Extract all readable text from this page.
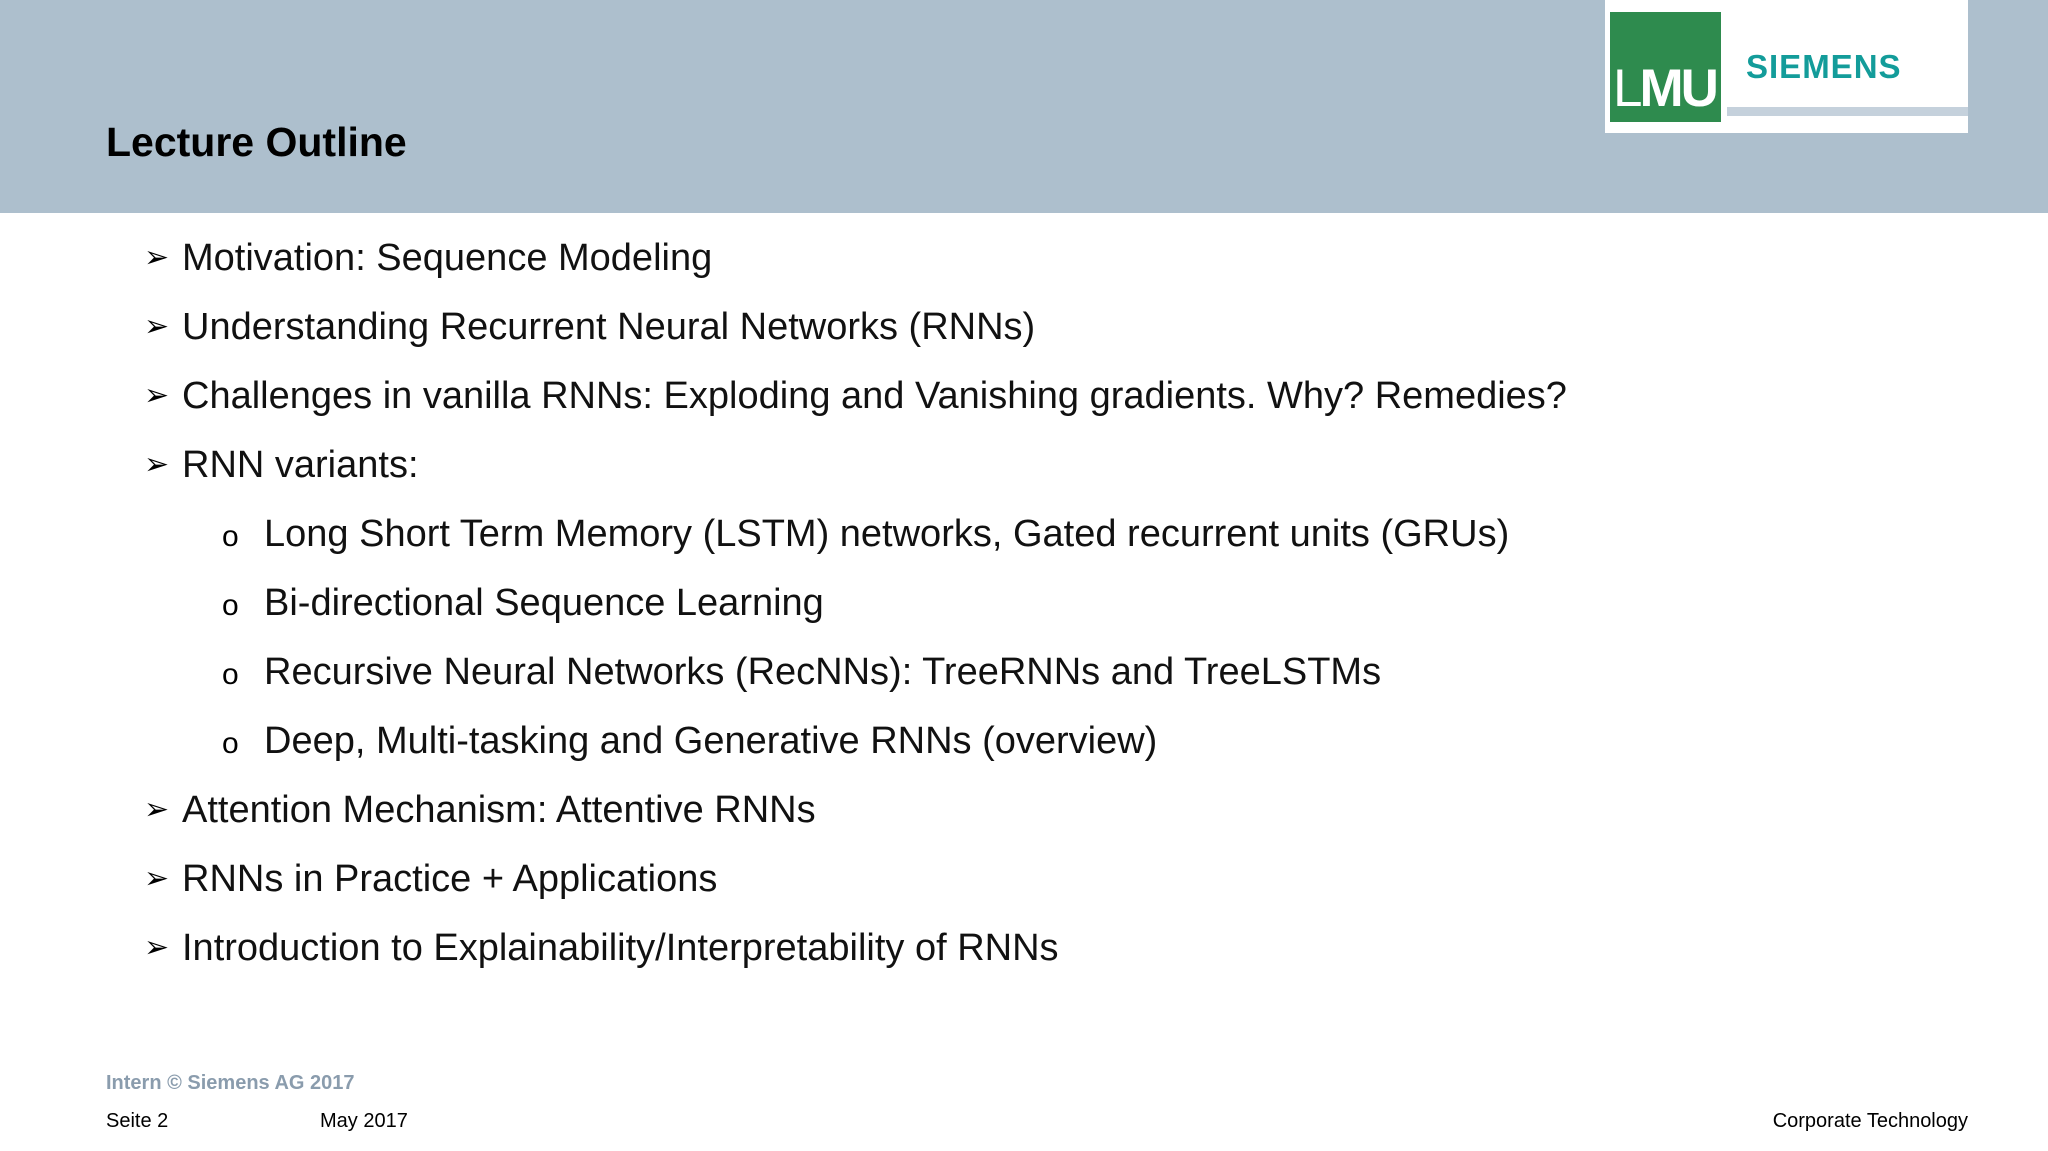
Lecture Outline
LMU SIEMENS
➢ Motivation: Sequence Modeling
➢ Understanding Recurrent Neural Networks (RNNs)
➢ Challenges in vanilla RNNs: Exploding and Vanishing gradients. Why? Remedies?
➢ RNN variants:
o Long Short Term Memory (LSTM) networks, Gated recurrent units (GRUs)
o Bi-directional Sequence Learning
o Recursive Neural Networks (RecNNs): TreeRNNs and TreeLSTMs
o Deep, Multi-tasking and Generative RNNs (overview)
➢ Attention Mechanism: Attentive RNNs
➢ RNNs in Practice + Applications
➢ Introduction to Explainability/Interpretability of RNNs
Intern © Siemens AG 2017
Seite 2	May 2017	Corporate Technology
